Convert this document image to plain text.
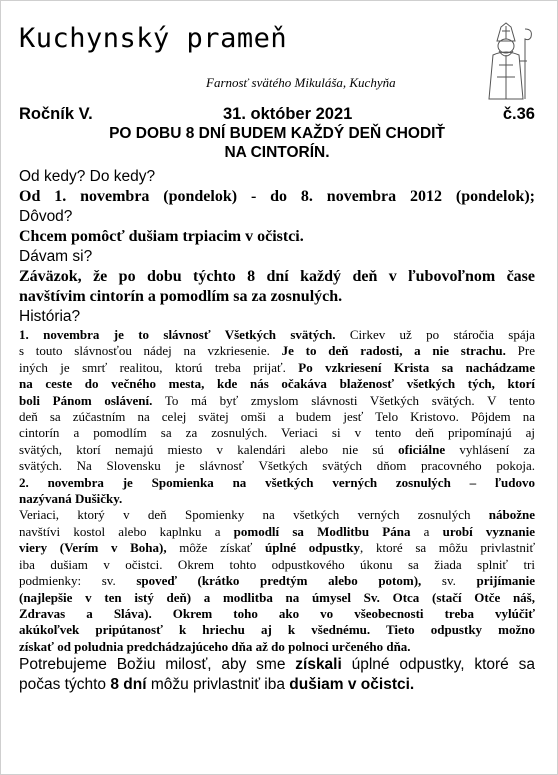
Kuchynský prameň
Farnosť svätého Mikuláša, Kuchyňa
Ročník V.	31. október 2021	č.36
PO DOBU 8 DNÍ BUDEM KAŽDÝ DEŇ CHODIŤ
NA CINTORÍN.

Od kedy? Do kedy?

Od 1. novembra (pondelok) - do 8. novembra 2012 (pondelok);

Dôvod?

Chcem pomôcť dušiam trpiacim v očistci.

Dávam si?

Záväzok, že po dobu týchto 8 dní každý deň v ľubovoľnom čase

navštívim cintorín a pomodlím sa za zosnulých.

História?

1. novembra je to slávnosť Všetkých svätých. Cirkev už po stáročia spája
s touto slávnosťou nádej na vzkriesenie. Je to deň radosti, a nie strachu. Pre
iných je smrť realitou, ktorú treba prijať. Po vzkriesení Krista sa nachádzame
na ceste do večného mesta, kde nás očakáva blaženosť všetkých tých, ktorí
boli Pánom oslávení. To má byť zmyslom slávnosti Všetkých svätých. V tento
deň sa zúčastním na celej svätej omši a budem jesť Telo Kristovo. Pôjdem na
cintorín a pomodlím sa za zosnulých. Veriaci si v tento deň pripomínajú aj
svätých, ktorí nemajú miesto v kalendári alebo nie sú oficiálne vyhlásení za
svätých. Na Slovensku je slávnosť Všetkých svätých dňom pracovného pokoja.
2. novembra je Spomienka na všetkých verných zosnulých – ľudovo
nazývaná Dušičky.
Veriaci, ktorý v deň Spomienky na všetkých verných zosnulých nábožne
navštívi kostol alebo kaplnku a pomodlí sa Modlitbu Pána a urobí vyznanie
viery (Verím v Boha), môže získať úplné odpustky, ktoré sa môžu privlastniť
iba dušiam v očistci. Okrem tohto odpustkového úkonu sa žiada splniť tri
podmienky: sv. spoveď (krátko predtým alebo potom), sv. prijímanie
(najlepšie v ten istý deň) a modlitba na úmysel Sv. Otca (stačí Otče náš,
Zdravas a Sláva). Okrem toho ako vo všeobecnosti treba vylúčiť
akúkoľvek pripútanosť k hriechu aj k všednému. Tieto odpustky možno
získať od poludnia predchádzajúceho dňa až do polnoci určeného dňa.
Potrebujeme Božiu milosť, aby sme získali úplné odpustky, ktoré sa
počas týchto 8 dní môžu privlastniť iba dušiam v očistci.
